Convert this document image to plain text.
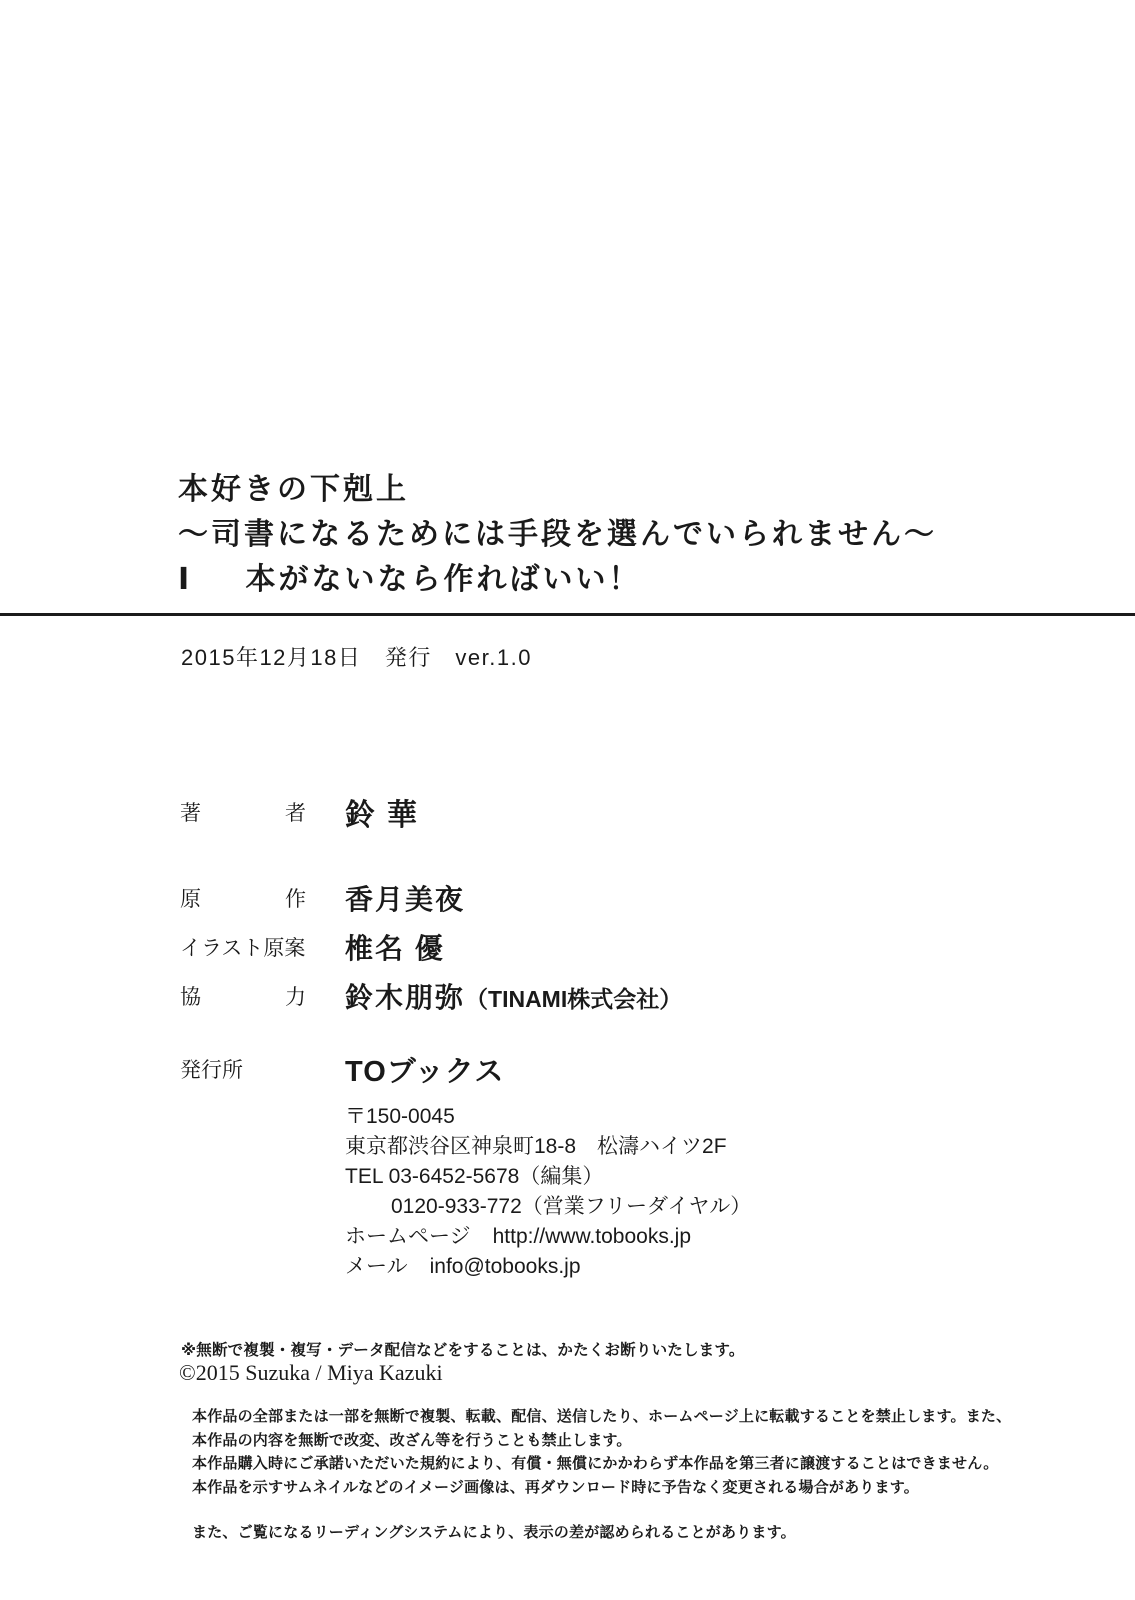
本好きの下剋上
～司書になるためには手段を選んでいられません～
Ⅰ 本がないなら作ればいい！
2015年12月18日　発行　ver.1.0
著	者 鈴華
原	作 香月美夜
イラスト原案 椎名 優
協	力 鈴木朋弥（TINAMI株式会社）
発行所	TOブックス
〒150-0045
東京都渋谷区神泉町18-8　松濤ハイツ2F
TEL 03-6452-5678（編集）
0120-933-772（営業フリーダイヤル）
ホームページ http://www.tobooks.jp
メール info@tobooks.jp
※無断で複製・複写・データ配信などをすることは、かたくお断りいたします。
©2015 Suzuka / Miya Kazuki
本作品の全部または一部を無断で複製、転載、配信、送信したり、ホームページ上に転載することを禁止します。また、
本作品の内容を無断で改変、改ざん等を行うことも禁止します。
本作品購入時にご承諾いただいた規約により、有償・無償にかかわらず本作品を第三者に譲渡することはできません。
本作品を示すサムネイルなどのイメージ画像は、再ダウンロード時に予告なく変更される場合があります。
また、ご覧になるリーディングシステムにより、表示の差が認められることがあります。
